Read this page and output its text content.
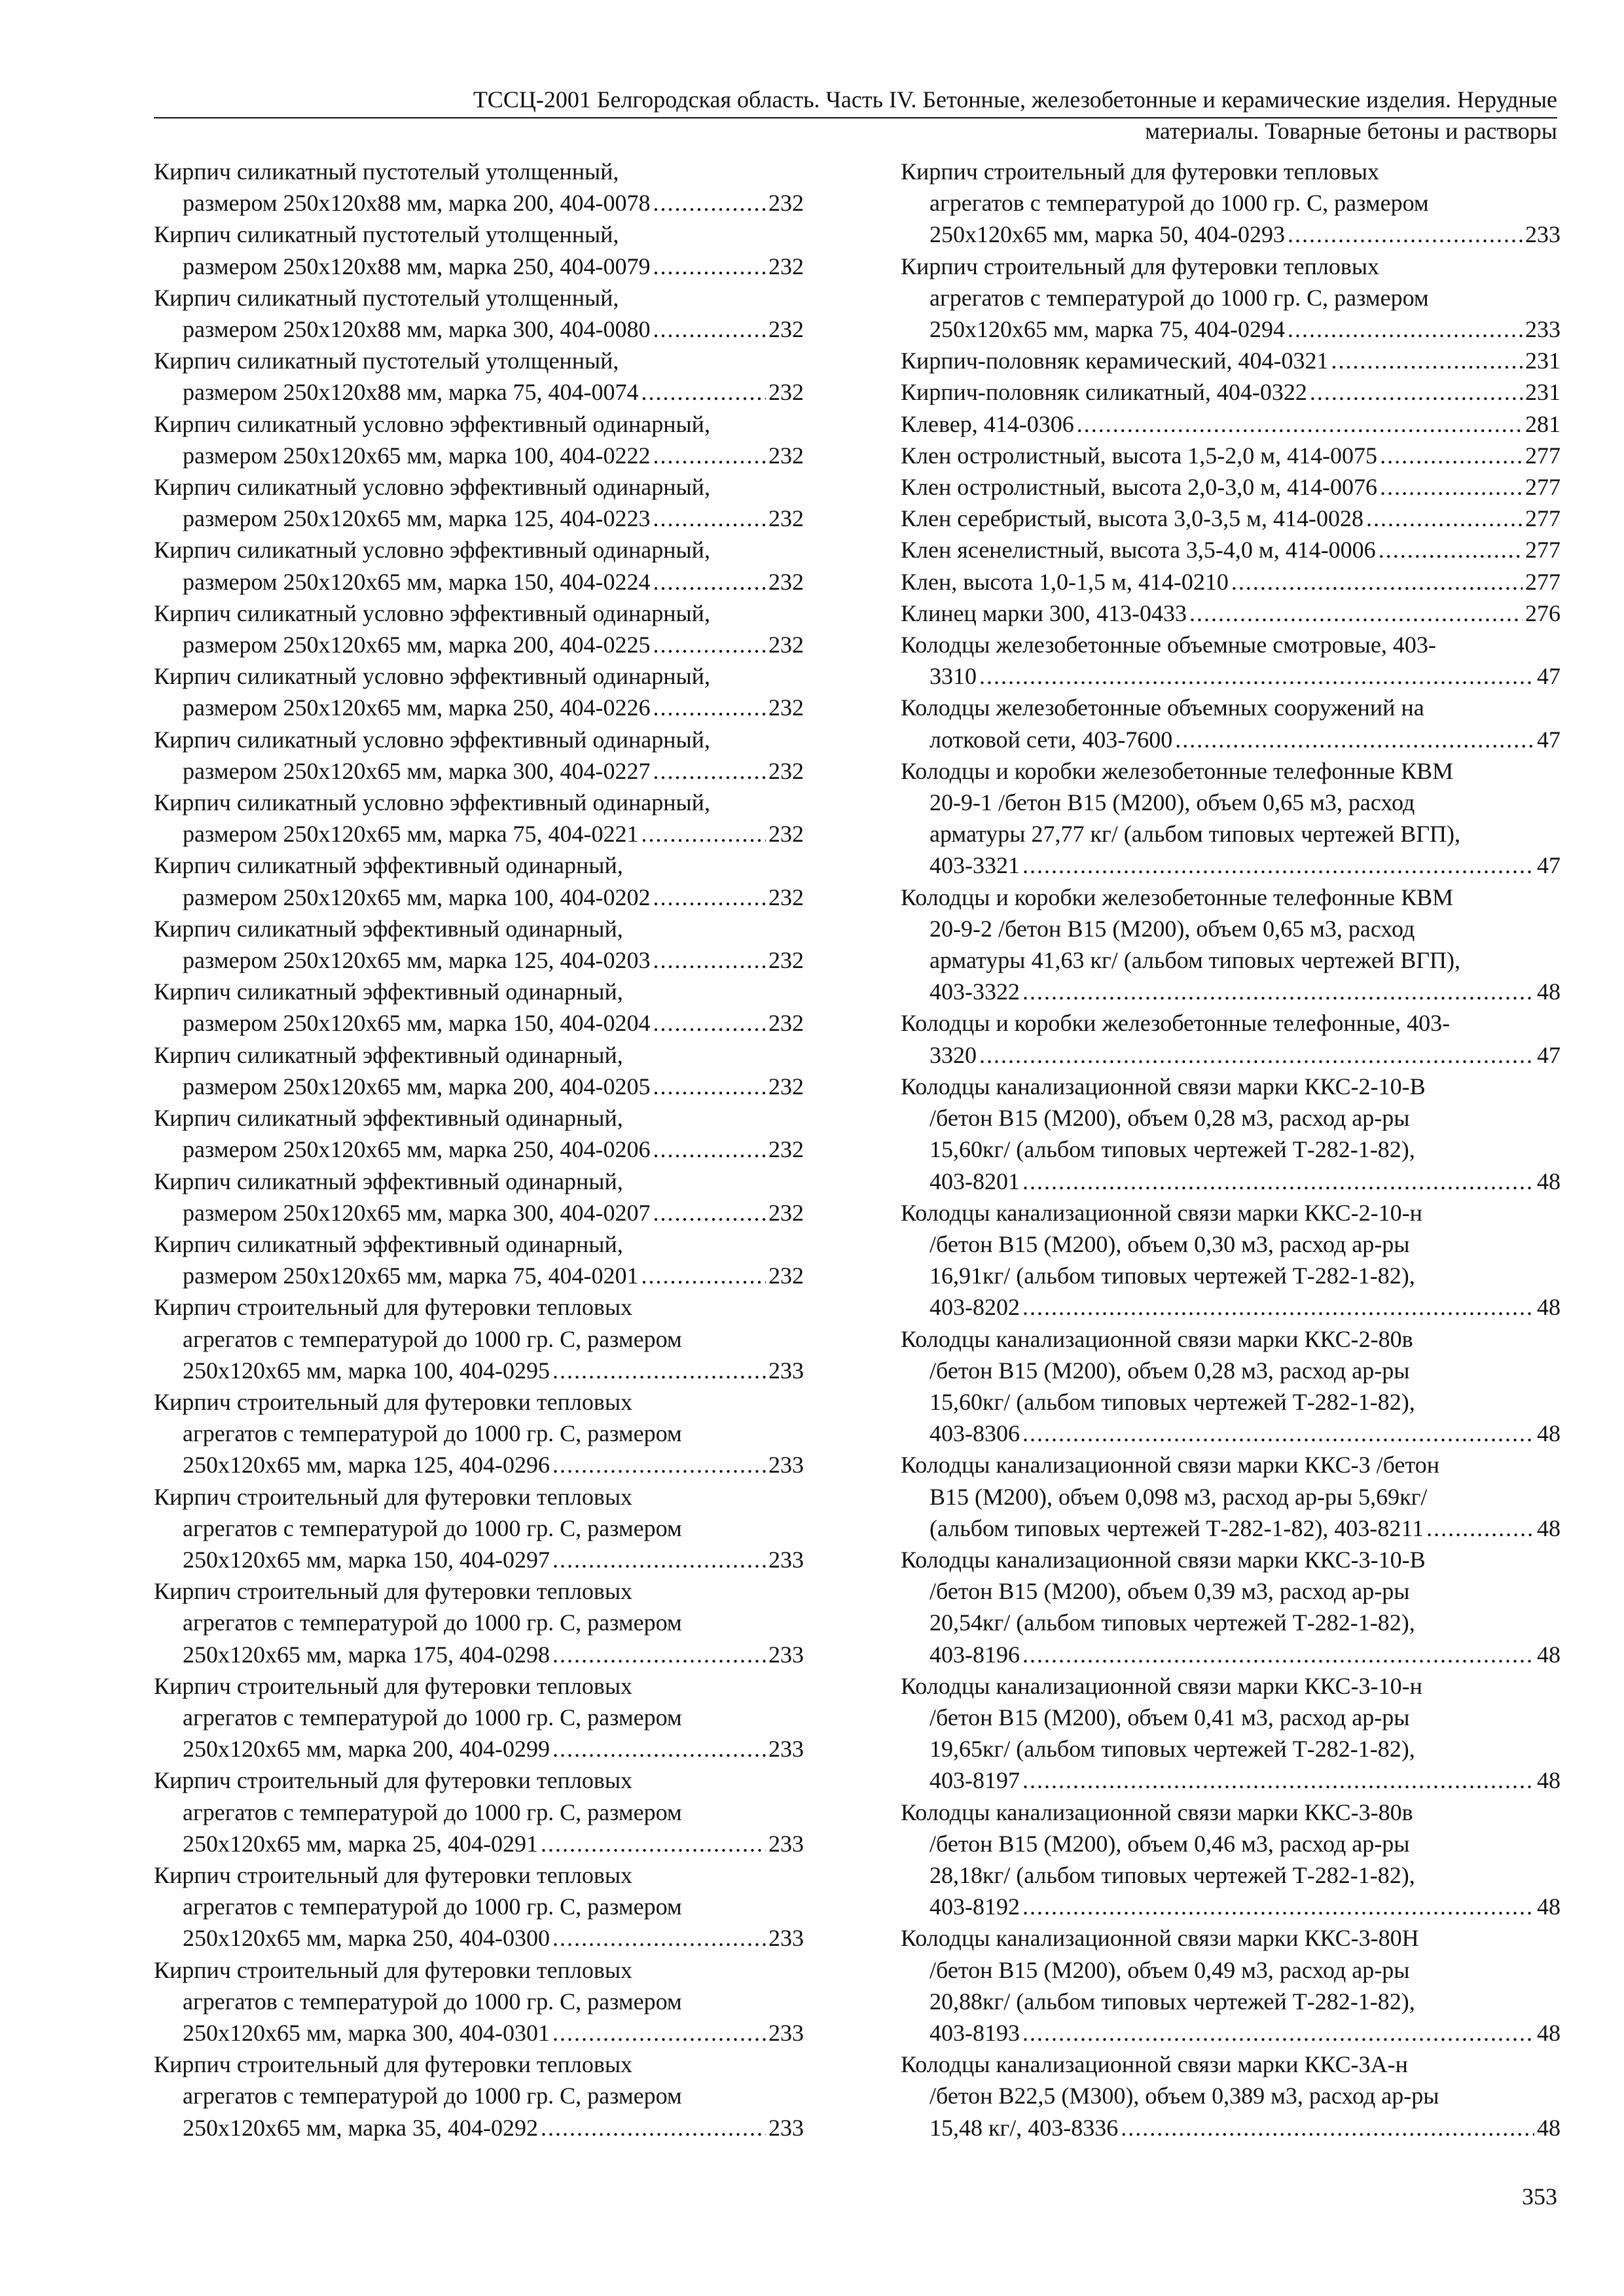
ТССЦ-2001 Белгородская область. Часть IV. Бетонные, железобетонные и керамические изделия. Нерудные
материалы. Товарные бетоны и растворы
Кирпич силикатный пустотелый утолщенный,
размером 250х120х88 мм, марка 200, 404-0078 .....	232
Кирпич силикатный пустотелый утолщенный,
размером 250х120х88 мм, марка 250, 404-0079 .....	232
Кирпич силикатный пустотелый утолщенный,
размером 250х120х88 мм, марка 300, 404-0080 .....	232
Кирпич силикатный пустотелый утолщенный,
размером 250х120х88 мм, марка 75, 404-0074 .....	232
Кирпич силикатный условно эффективный одинарный,
размером 250х120х65 мм, марка 100, 404-0222 .....	232
Кирпич силикатный условно эффективный одинарный,
размером 250х120х65 мм, марка 125, 404-0223 .....	232
Кирпич силикатный условно эффективный одинарный,
размером 250х120х65 мм, марка 150, 404-0224 .....	232
Кирпич силикатный условно эффективный одинарный,
размером 250х120х65 мм, марка 200, 404-0225 .....	232
Кирпич силикатный условно эффективный одинарный,
размером 250х120х65 мм, марка 250, 404-0226 .....	232
Кирпич силикатный условно эффективный одинарный,
размером 250х120х65 мм, марка 300, 404-0227 .....	232
Кирпич силикатный условно эффективный одинарный,
размером 250х120х65 мм, марка 75, 404-0221 .....	232
Кирпич силикатный эффективный одинарный,
размером 250х120х65 мм, марка 100, 404-0202 .....	232
Кирпич силикатный эффективный одинарный,
размером 250х120х65 мм, марка 125, 404-0203 .....	232
Кирпич силикатный эффективный одинарный,
размером 250х120х65 мм, марка 150, 404-0204 .....	232
Кирпич силикатный эффективный одинарный,
размером 250х120х65 мм, марка 200, 404-0205 .....	232
Кирпич силикатный эффективный одинарный,
размером 250х120х65 мм, марка 250, 404-0206 .....	232
Кирпич силикатный эффективный одинарный,
размером 250х120х65 мм, марка 300, 404-0207 .....	232
Кирпич силикатный эффективный одинарный,
размером 250х120х65 мм, марка 75, 404-0201 .....	232
Кирпич строительный для футеровки тепловых
агрегатов с температурой до 1000 гр. С, размером
250х120х65 мм, марка 100, 404-0295 .....	233
Кирпич строительный для футеровки тепловых
агрегатов с температурой до 1000 гр. С, размером
250х120х65 мм, марка 125, 404-0296 .....	233
Кирпич строительный для футеровки тепловых
агрегатов с температурой до 1000 гр. С, размером
250х120х65 мм, марка 150, 404-0297 .....	233
Кирпич строительный для футеровки тепловых
агрегатов с температурой до 1000 гр. С, размером
250х120х65 мм, марка 175, 404-0298 .....	233
Кирпич строительный для футеровки тепловых
агрегатов с температурой до 1000 гр. С, размером
250х120х65 мм, марка 200, 404-0299 .....	233
Кирпич строительный для футеровки тепловых
агрегатов с температурой до 1000 гр. С, размером
250х120х65 мм, марка 25, 404-0291 .....	233
Кирпич строительный для футеровки тепловых
агрегатов с температурой до 1000 гр. С, размером
250х120х65 мм, марка 250, 404-0300 .....	233
Кирпич строительный для футеровки тепловых
агрегатов с температурой до 1000 гр. С, размером
250х120х65 мм, марка 300, 404-0301 .....	233
Кирпич строительный для футеровки тепловых
агрегатов с температурой до 1000 гр. С, размером
250х120х65 мм, марка 35, 404-0292 .....	233
Кирпич строительный для футеровки тепловых
агрегатов с температурой до 1000 гр. С, размером
250х120х65 мм, марка 50, 404-0293 .....	233
Кирпич строительный для футеровки тепловых
агрегатов с температурой до 1000 гр. С, размером
250х120х65 мм, марка 75, 404-0294 .....	233
Кирпич-половняк керамический, 404-0321 .....	231
Кирпич-половняк силикатный, 404-0322 .....	231
Клевер, 414-0306 .....	281
Клен остролистный, высота 1,5-2,0 м, 414-0075 .....	277
Клен остролистный, высота 2,0-3,0 м, 414-0076 .....	277
Клен серебристый, высота 3,0-3,5 м, 414-0028 .....	277
Клен ясенелистный, высота 3,5-4,0 м, 414-0006 .....	277
Клен, высота 1,0-1,5 м, 414-0210 .....	277
Клинец марки 300, 413-0433 .....	276
Колодцы железобетонные объемные смотровые, 403-
3310 .....	47
Колодцы железобетонные объемных сооружений на
лотковой сети, 403-7600 .....	47
Колодцы и коробки железобетонные телефонные КВМ
20-9-1 /бетон В15 (М200), объем 0,65 м3, расход
арматуры 27,77 кг/ (альбом типовых чертежей ВГП),
403-3321 .....	47
Колодцы и коробки железобетонные телефонные КВМ
20-9-2 /бетон В15 (М200), объем 0,65 м3, расход
арматуры 41,63 кг/ (альбом типовых чертежей ВГП),
403-3322 .....	48
Колодцы и коробки железобетонные телефонные, 403-
3320 .....	47
Колодцы канализационной связи марки ККС-2-10-В
/бетон В15 (М200), объем 0,28 м3, расход ар-ры
15,60кг/ (альбом типовых чертежей Т-282-1-82),
403-8201 .....	48
Колодцы канализационной связи марки ККС-2-10-н
/бетон В15 (М200), объем 0,30 м3, расход ар-ры
16,91кг/ (альбом типовых чертежей Т-282-1-82),
403-8202 .....	48
Колодцы канализационной связи марки ККС-2-80в
/бетон В15 (М200), объем 0,28 м3, расход ар-ры
15,60кг/ (альбом типовых чертежей Т-282-1-82),
403-8306 .....	48
Колодцы канализационной связи марки ККС-3 /бетон
В15 (М200), объем 0,098 м3, расход ар-ры 5,69кг/
(альбом типовых чертежей Т-282-1-82), 403-8211 .....	48
Колодцы канализационной связи марки ККС-3-10-В
/бетон В15 (М200), объем 0,39 м3, расход ар-ры
20,54кг/ (альбом типовых чертежей Т-282-1-82),
403-8196 .....	48
Колодцы канализационной связи марки ККС-3-10-н
/бетон В15 (М200), объем 0,41 м3, расход ар-ры
19,65кг/ (альбом типовых чертежей Т-282-1-82),
403-8197 .....	48
Колодцы канализационной связи марки ККС-3-80в
/бетон В15 (М200), объем 0,46 м3, расход ар-ры
28,18кг/ (альбом типовых чертежей Т-282-1-82),
403-8192 .....	48
Колодцы канализационной связи марки ККС-3-80Н
/бетон В15 (М200), объем 0,49 м3, расход ар-ры
20,88кг/ (альбом типовых чертежей Т-282-1-82),
403-8193 .....	48
Колодцы канализационной связи марки ККС-3А-н
/бетон В22,5 (М300), объем 0,389 м3, расход ар-ры
15,48 кг/, 403-8336 .....	48
353
